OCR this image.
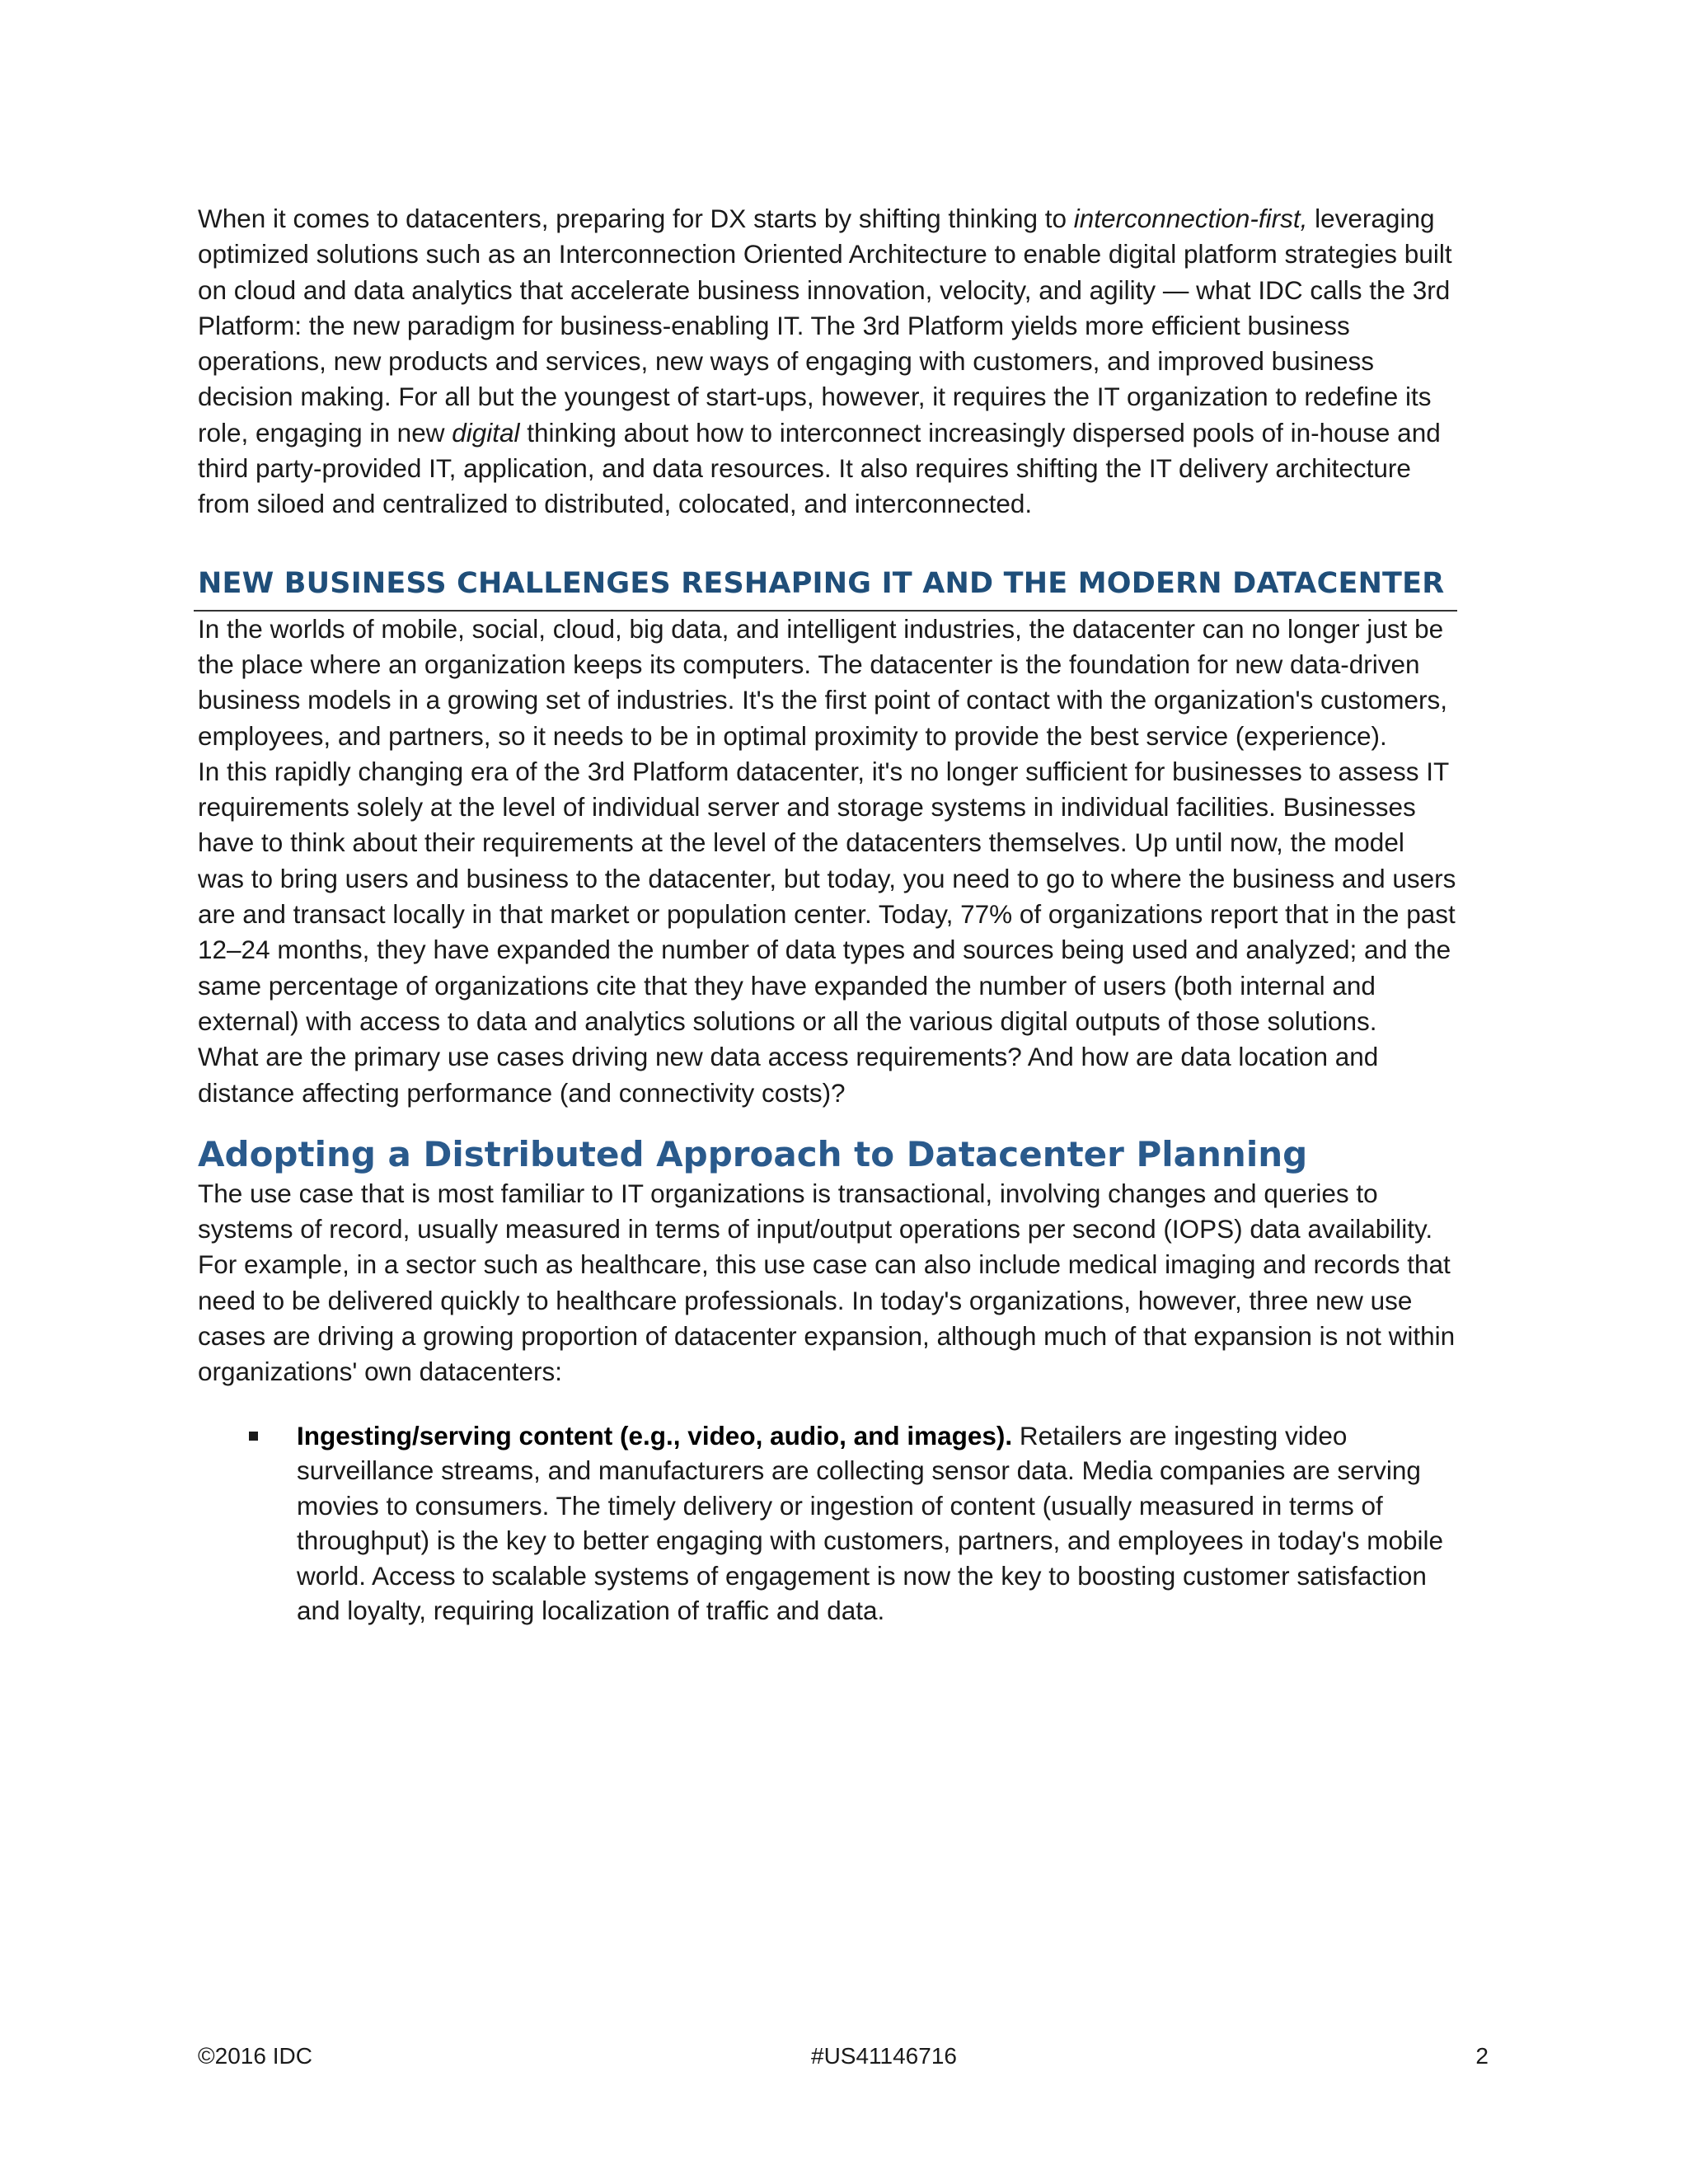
When it comes to datacenters, preparing for DX starts by shifting thinking to interconnection-first, leveraging optimized solutions such as an Interconnection Oriented Architecture to enable digital platform strategies built on cloud and data analytics that accelerate business innovation, velocity, and agility — what IDC calls the 3rd Platform: the new paradigm for business-enabling IT. The 3rd Platform yields more efficient business operations, new products and services, new ways of engaging with customers, and improved business decision making. For all but the youngest of start-ups, however, it requires the IT organization to redefine its role, engaging in new digital thinking about how to interconnect increasingly dispersed pools of in-house and third party-provided IT, application, and data resources. It also requires shifting the IT delivery architecture from siloed and centralized to distributed, colocated, and interconnected.

NEW BUSINESS CHALLENGES RESHAPING IT AND THE MODERN DATACENTER

In the worlds of mobile, social, cloud, big data, and intelligent industries, the datacenter can no longer just be the place where an organization keeps its computers. The datacenter is the foundation for new data-driven business models in a growing set of industries. It's the first point of contact with the organization's customers, employees, and partners, so it needs to be in optimal proximity to provide the best service (experience).

In this rapidly changing era of the 3rd Platform datacenter, it's no longer sufficient for businesses to assess IT requirements solely at the level of individual server and storage systems in individual facilities. Businesses have to think about their requirements at the level of the datacenters themselves. Up until now, the model was to bring users and business to the datacenter, but today, you need to go to where the business and users are and transact locally in that market or population center. Today, 77% of organizations report that in the past 12–24 months, they have expanded the number of data types and sources being used and analyzed; and the same percentage of organizations cite that they have expanded the number of users (both internal and external) with access to data and analytics solutions or all the various digital outputs of those solutions.

What are the primary use cases driving new data access requirements? And how are data location and distance affecting performance (and connectivity costs)?

Adopting a Distributed Approach to Datacenter Planning

The use case that is most familiar to IT organizations is transactional, involving changes and queries to systems of record, usually measured in terms of input/output operations per second (IOPS) data availability. For example, in a sector such as healthcare, this use case can also include medical imaging and records that need to be delivered quickly to healthcare professionals. In today's organizations, however, three new use cases are driving a growing proportion of datacenter expansion, although much of that expansion is not within organizations' own datacenters:

Ingesting/serving content (e.g., video, audio, and images). Retailers are ingesting video surveillance streams, and manufacturers are collecting sensor data. Media companies are serving movies to consumers. The timely delivery or ingestion of content (usually measured in terms of throughput) is the key to better engaging with customers, partners, and employees in today's mobile world. Access to scalable systems of engagement is now the key to boosting customer satisfaction and loyalty, requiring localization of traffic and data.
©2016 IDC	#US41146716	2
